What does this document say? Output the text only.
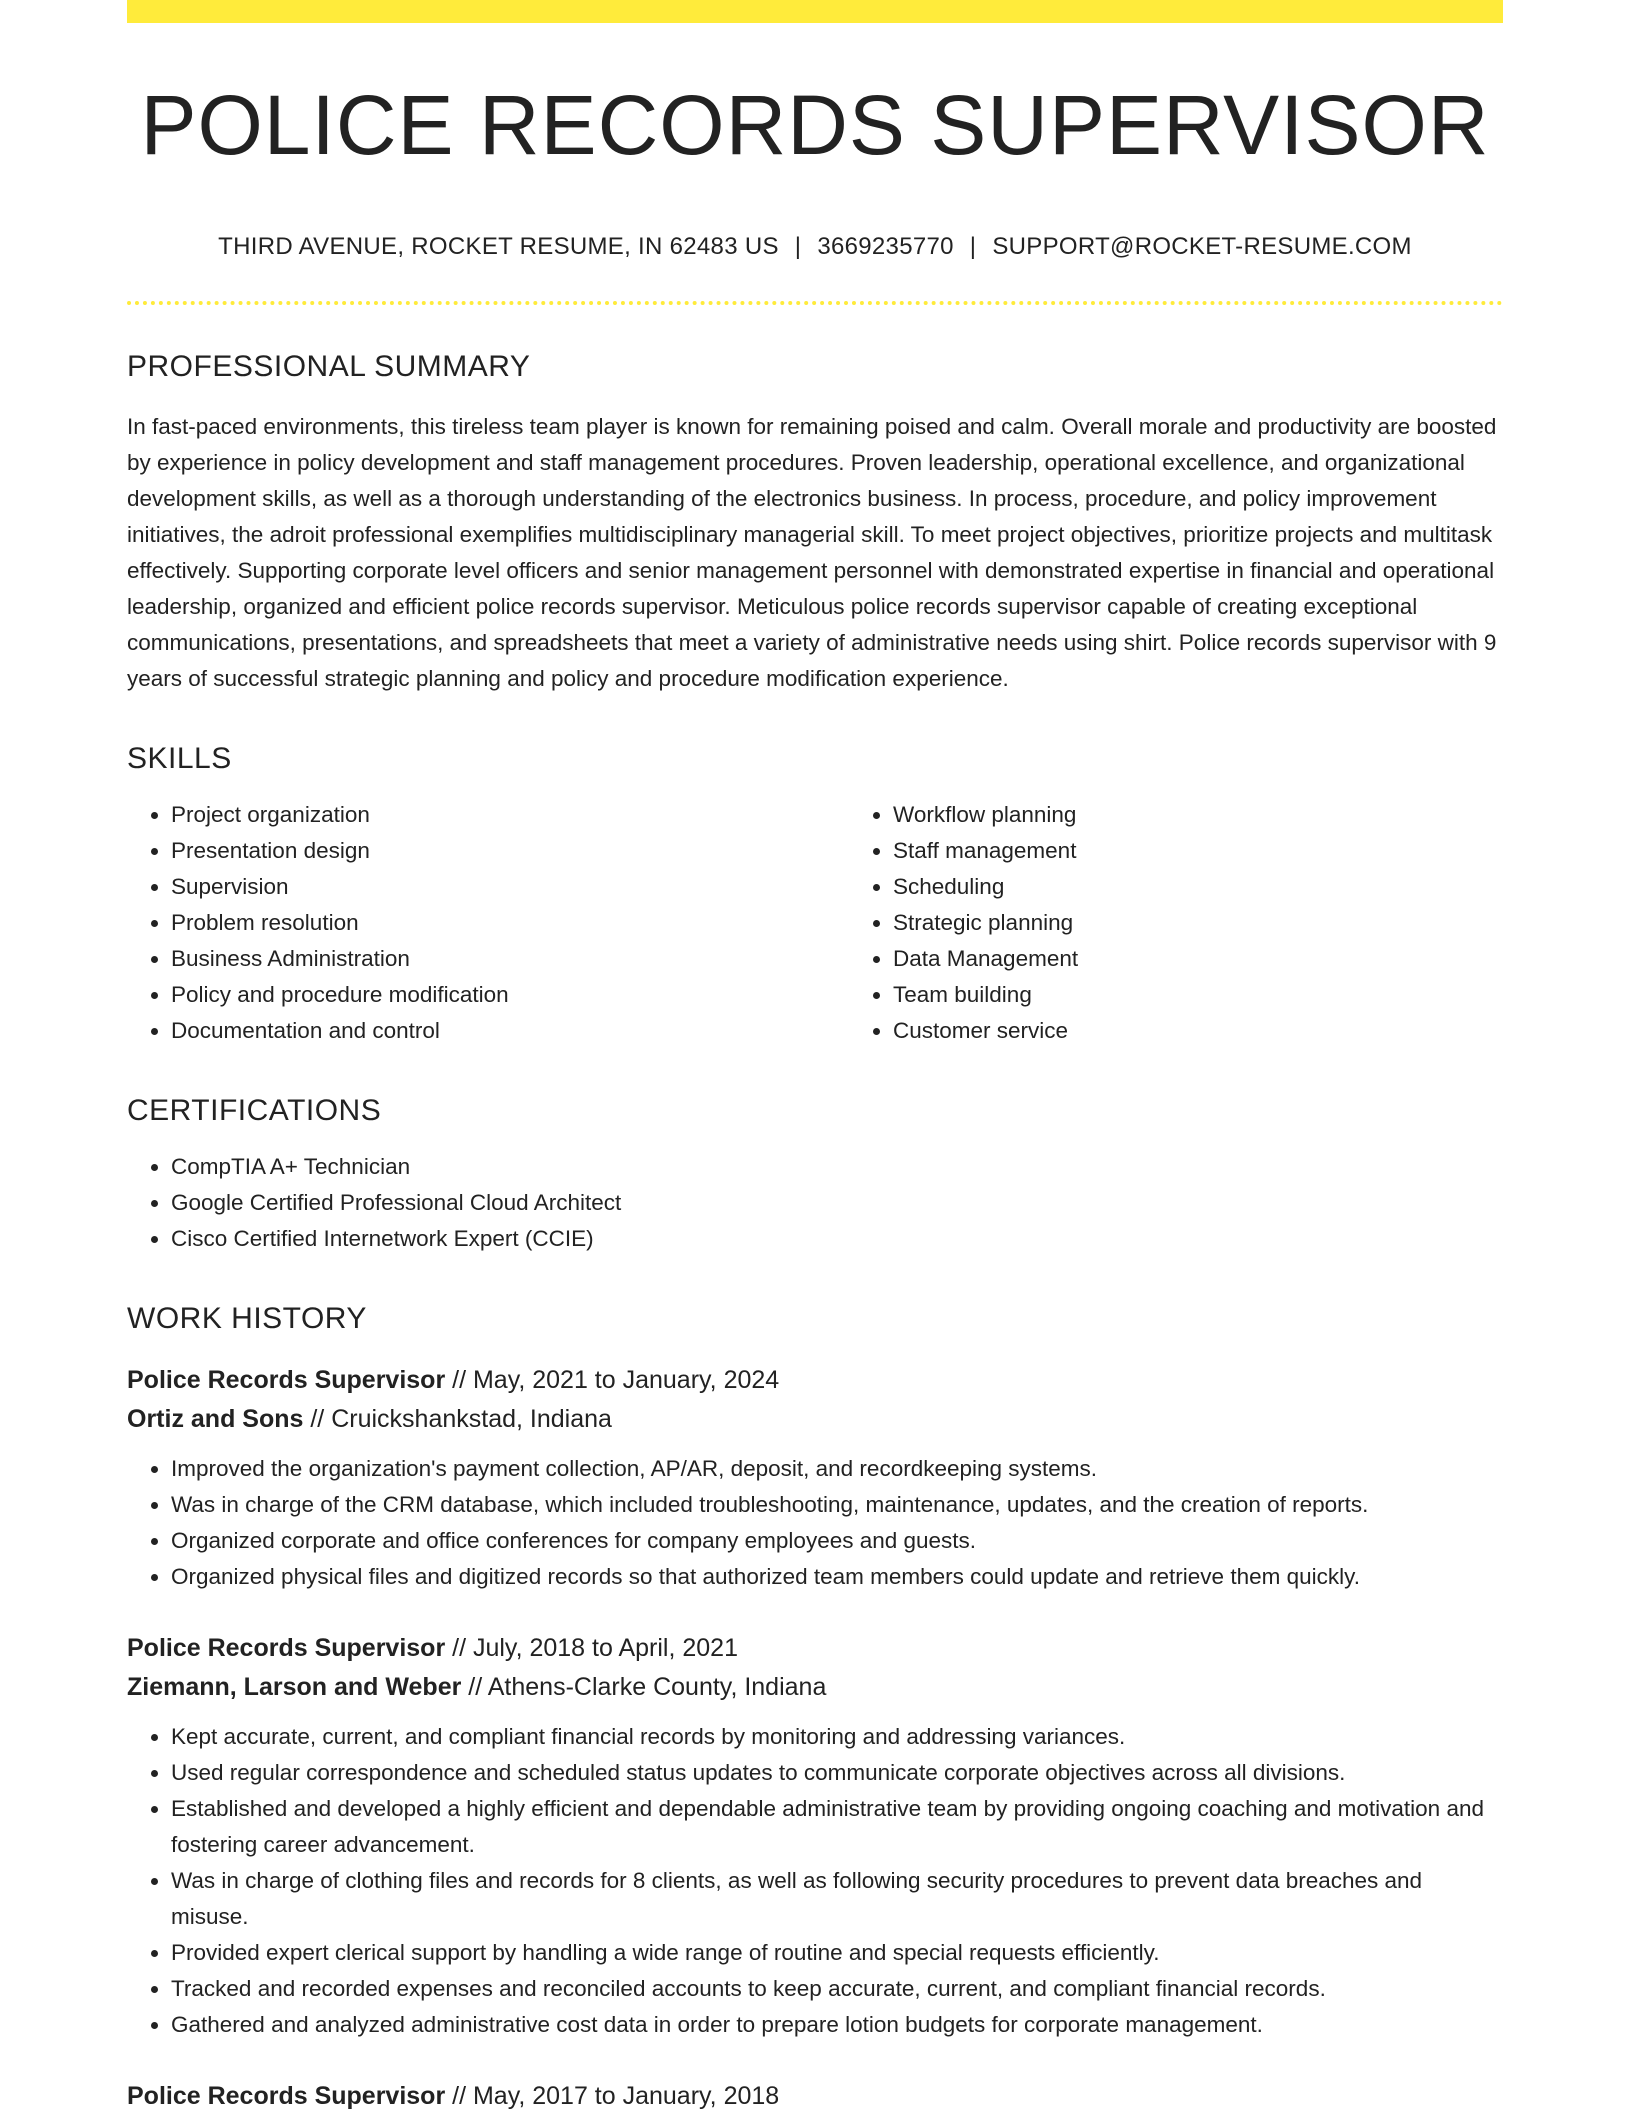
POLICE RECORDS SUPERVISOR
THIRD AVENUE, ROCKET RESUME, IN 62483 US | 3669235770 | SUPPORT@ROCKET-RESUME.COM
PROFESSIONAL SUMMARY

In fast-paced environments, this tireless team player is known for remaining poised and calm. Overall morale and productivity are boosted by experience in policy development and staff management procedures. Proven leadership, operational excellence, and organizational development skills, as well as a thorough understanding of the electronics business. In process, procedure, and policy improvement initiatives, the adroit professional exemplifies multidisciplinary managerial skill. To meet project objectives, prioritize projects and multitask effectively. Supporting corporate level officers and senior management personnel with demonstrated expertise in financial and operational leadership, organized and efficient police records supervisor. Meticulous police records supervisor capable of creating exceptional communications, presentations, and spreadsheets that meet a variety of administrative needs using shirt. Police records supervisor with 9 years of successful strategic planning and policy and procedure modification experience.

SKILLS
• Project organization
• Presentation design
• Supervision
• Problem resolution
• Business Administration
• Policy and procedure modification
• Documentation and control
• Workflow planning
• Staff management
• Scheduling
• Strategic planning
• Data Management
• Team building
• Customer service
CERTIFICATIONS
• CompTIA A+ Technician
• Google Certified Professional Cloud Architect
• Cisco Certified Internetwork Expert (CCIE)
WORK HISTORY
Police Records Supervisor // May, 2021 to January, 2024
Ortiz and Sons // Cruickshankstad, Indiana
• Improved the organization's payment collection, AP/AR, deposit, and recordkeeping systems.
• Was in charge of the CRM database, which included troubleshooting, maintenance, updates, and the creation of reports.
• Organized corporate and office conferences for company employees and guests.
• Organized physical files and digitized records so that authorized team members could update and retrieve them quickly.
Police Records Supervisor // July, 2018 to April, 2021
Ziemann, Larson and Weber // Athens-Clarke County, Indiana
• Kept accurate, current, and compliant financial records by monitoring and addressing variances.
• Used regular correspondence and scheduled status updates to communicate corporate objectives across all divisions.
• Established and developed a highly efficient and dependable administrative team by providing ongoing coaching and motivation and fostering career advancement.
• Was in charge of clothing files and records for 8 clients, as well as following security procedures to prevent data breaches and misuse.
• Provided expert clerical support by handling a wide range of routine and special requests efficiently.
• Tracked and recorded expenses and reconciled accounts to keep accurate, current, and compliant financial records.
• Gathered and analyzed administrative cost data in order to prepare lotion budgets for corporate management.
Police Records Supervisor // May, 2017 to January, 2018
